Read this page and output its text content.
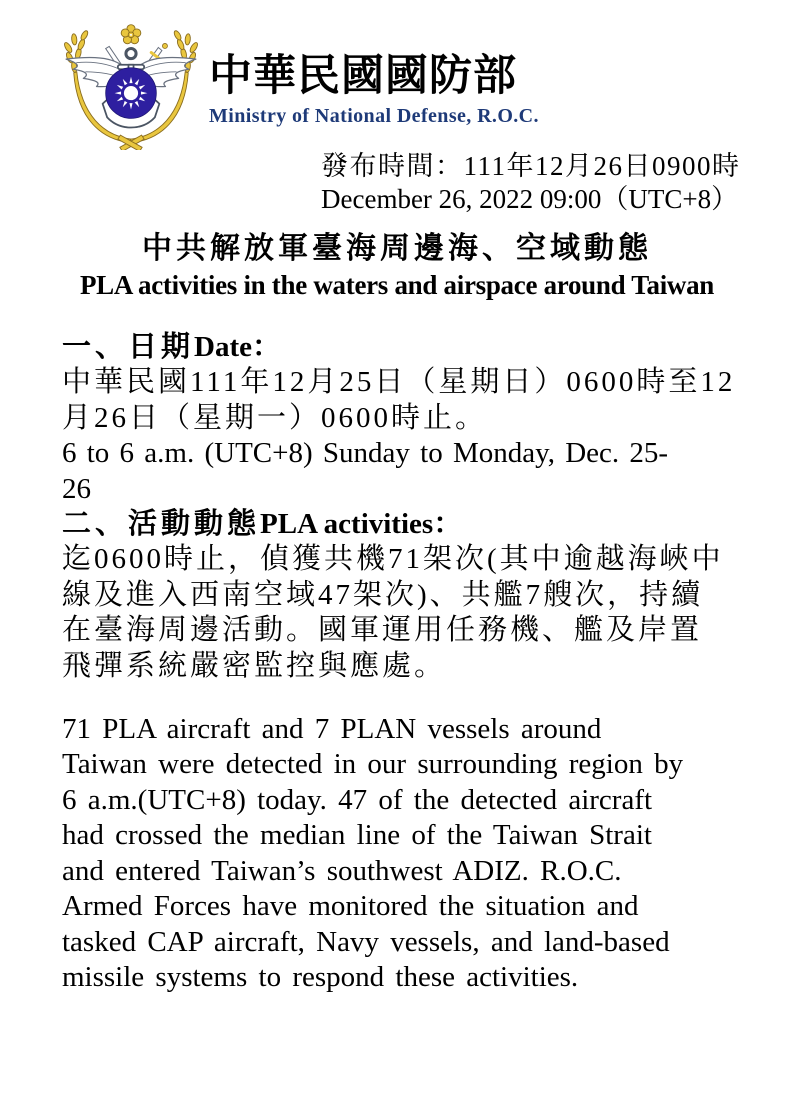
中華民國國防部
Ministry of National Defense, R.O.C.
發布時間：111年12月26日0900時
December 26, 2022 09:00（UTC+8）
中共解放軍臺海周邊海、空域動態
PLA activities in the waters and airspace around Taiwan
一、日期Date：
中華民國111年12月25日（星期日）0600時至12
月26日（星期一）0600時止。
6 to 6 a.m. (UTC+8) Sunday to Monday, Dec. 25-
26
二、活動動態PLA activities：
迄0600時止，偵獲共機71架次(其中逾越海峽中
線及進入西南空域47架次)、共艦7艘次，持續
在臺海周邊活動。國軍運用任務機、艦及岸置
飛彈系統嚴密監控與應處。
71 PLA aircraft and 7 PLAN vessels around
Taiwan were detected in our surrounding region by
6 a.m.(UTC+8) today. 47 of the detected aircraft
had crossed the median line of the Taiwan Strait
and entered Taiwan’s southwest ADIZ. R.O.C.
Armed Forces have monitored the situation and
tasked CAP aircraft, Navy vessels, and land-based
missile systems to respond these activities.
